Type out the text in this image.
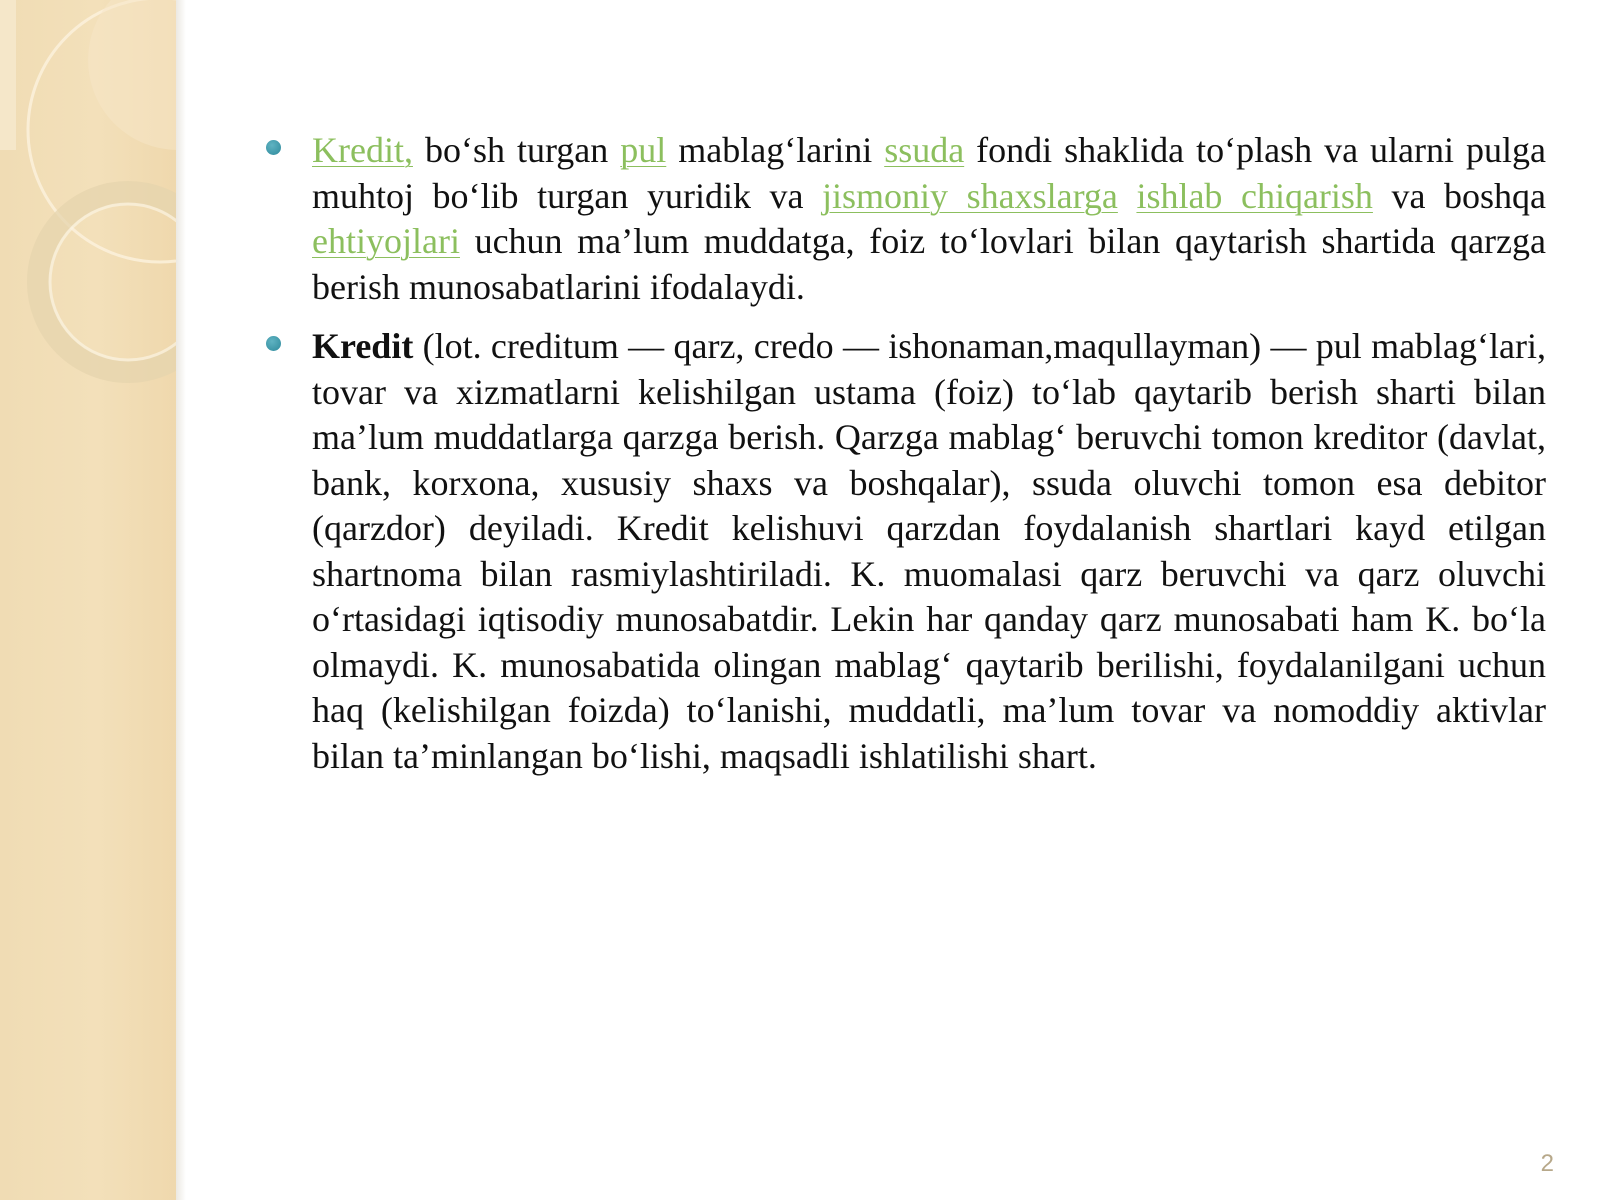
Kredit, bo‘sh turgan pul mablag‘larini ssuda fondi shaklida to‘plash va ularni pulga muhtoj bo‘lib turgan yuridik va jismoniy shaxslarga ishlab chiqarish va boshqa ehtiyojlari uchun ma’lum muddatga, foiz to‘lovlari bilan qaytarish shartida qarzga berish munosabatlarini ifodalaydi.
Kredit (lot. creditum — qarz, credo — ishonaman,maqullayman) — pul mablag‘lari, tovar va xizmatlarni kelishilgan ustama (foiz) to‘lab qaytarib berish sharti bilan ma’lum muddatlarga qarzga berish. Qarzga mablag‘ beruvchi tomon kreditor (davlat, bank, korxona, xususiy shaxs va boshqalar), ssuda oluvchi tomon esa debitor (qarzdor) deyiladi. Kredit kelishuvi qarzdan foydalanish shartlari kayd etilgan shartnoma bilan rasmiylashtiriladi. K. muomalasi qarz beruvchi va qarz oluvchi o‘rtasidagi iqtisodiy munosabatdir. Lekin har qanday qarz munosabati ham K. bo‘la olmaydi. K. munosabatida olingan mablag‘ qaytarib berilishi, foydalanilgani uchun haq (kelishilgan foizda) to‘lanishi, muddatli, ma’lum tovar va nomoddiy aktivlar bilan ta’minlangan bo‘lishi, maqsadli ishlatilishi shart.
2
